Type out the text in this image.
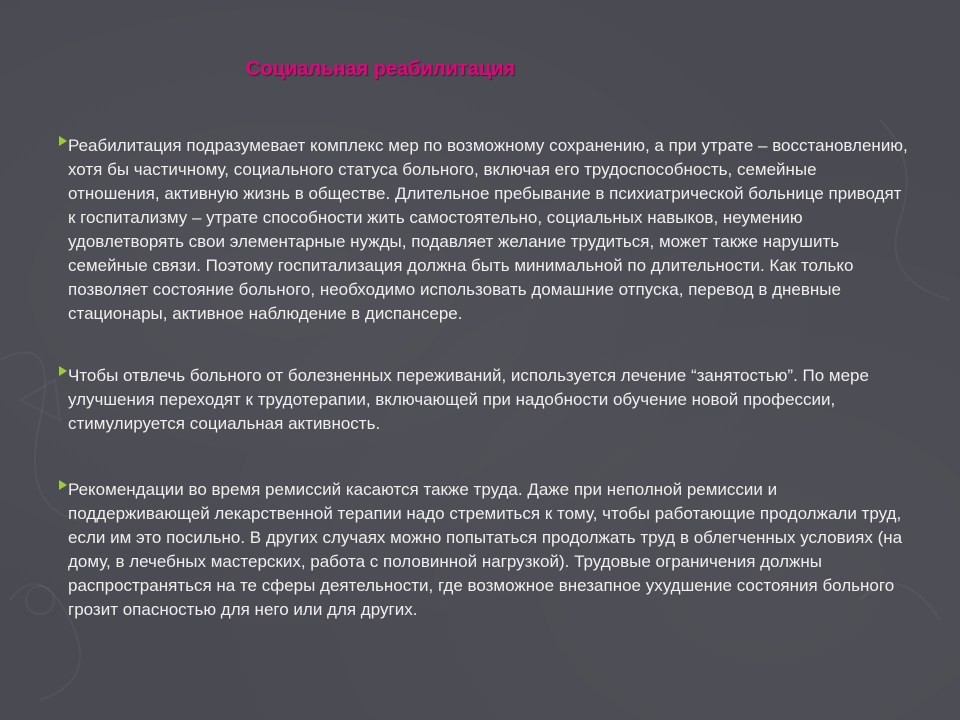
Социальная реабилитация

Реабилитация подразумевает комплекс мер по возможному сохранению, а при утрате – восстановлению, хотя бы частичному, социального статуса больного, включая его трудоспособность, семейные отношения, активную жизнь в обществе. Длительное пребывание в психиатрической больнице приводят к госпитализму – утрате способности жить самостоятельно, социальных навыков, неумению удовлетворять свои элементарные нужды, подавляет желание трудиться, может также нарушить семейные связи. Поэтому госпитализация должна быть минимальной по длительности. Как только позволяет состояние больного, необходимо использовать домашние отпуска, перевод в дневные стационары, активное наблюдение в диспансере.

Чтобы отвлечь больного от болезненных переживаний, используется лечение “занятостью”. По мере улучшения переходят к трудотерапии, включающей при надобности обучение новой профессии, стимулируется социальная активность.

Рекомендации во время ремиссий касаются также труда. Даже при неполной ремиссии и поддерживающей лекарственной терапии надо стремиться к тому, чтобы работающие продолжали труд, если им это посильно. В других случаях можно попытаться продолжать труд в облегченных условиях (на дому, в лечебных мастерских, работа с половинной нагрузкой). Трудовые ограничения должны распространяться на те сферы деятельности, где возможное внезапное ухудшение состояния больного грозит опасностью для него или для других.
